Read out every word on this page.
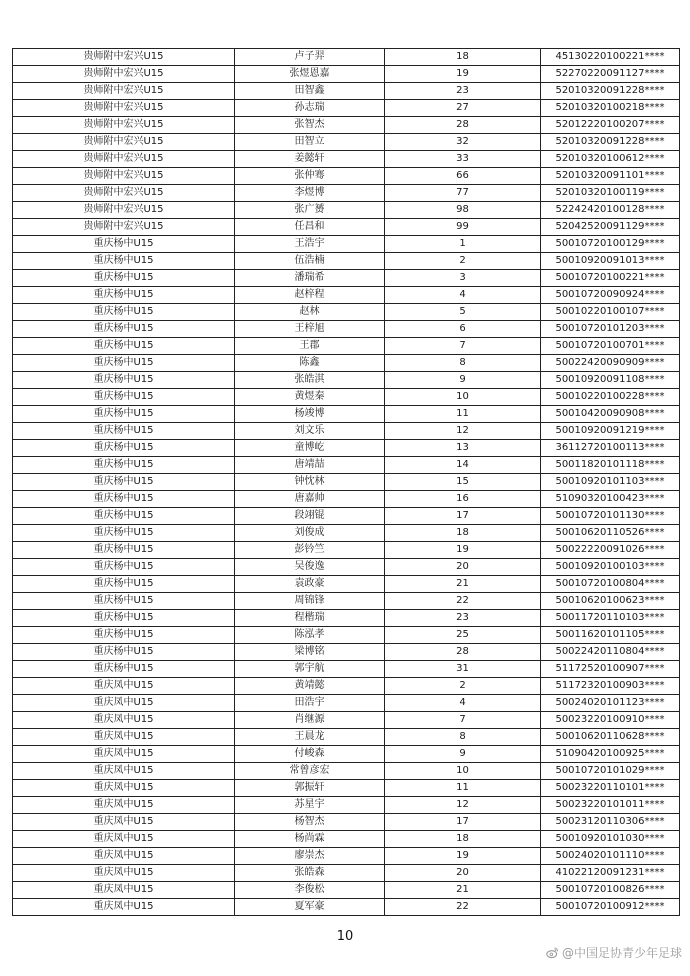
贵师附中宏兴U15	卢子羿	18	45130220100221****
贵师附中宏兴U15	张煜恩嘉	19	52270220091127****
贵师附中宏兴U15	田智鑫	23	52010320091228****
贵师附中宏兴U15	孙志瑞	27	52010320100218****
贵师附中宏兴U15	张智杰	28	52012220100207****
贵师附中宏兴U15	田智立	32	52010320091228****
贵师附中宏兴U15	姜懿轩	33	52010320100612****
贵师附中宏兴U15	张仲骞	66	52010320091101****
贵师附中宏兴U15	李煜博	77	52010320100119****
贵师附中宏兴U15	张广赟	98	52242420100128****
贵师附中宏兴U15	任昌和	99	52042520091129****
重庆杨中U15	王浩宇	1	50010720100129****
重庆杨中U15	伍浩楠	2	50010920091013****
重庆杨中U15	潘瑞希	3	50010720100221****
重庆杨中U15	赵梓程	4	50010720090924****
重庆杨中U15	赵林	5	50010220100107****
重庆杨中U15	王梓旭	6	50010720101203****
重庆杨中U15	王郡	7	50010720100701****
重庆杨中U15	陈鑫	8	50022420090909****
重庆杨中U15	张皓淇	9	50010920091108****
重庆杨中U15	黄煜秦	10	50010220100228****
重庆杨中U15	杨竣博	11	50010420090908****
重庆杨中U15	刘文乐	12	50010920091219****
重庆杨中U15	童博屹	13	36112720100113****
重庆杨中U15	唐靖喆	14	50011820101118****
重庆杨中U15	钟忱林	15	50010920101103****
重庆杨中U15	唐嘉帅	16	51090320100423****
重庆杨中U15	段翊锟	17	50010720101130****
重庆杨中U15	刘俊成	18	50010620110526****
重庆杨中U15	彭钤竺	19	50022220091026****
重庆杨中U15	吴俊逸	20	50010920100103****
重庆杨中U15	袁政豪	21	50010720100804****
重庆杨中U15	周锦锋	22	50010620100623****
重庆杨中U15	程楷瑞	23	50011720110103****
重庆杨中U15	陈泓孝	25	50011620101105****
重庆杨中U15	梁博铭	28	50022420110804****
重庆杨中U15	郭宇航	31	51172520100907****
重庆凤中U15	黄靖懿	2	51172320100903****
重庆凤中U15	田浩宇	4	50024020101123****
重庆凤中U15	肖继源	7	50023220100910****
重庆凤中U15	王晨龙	8	50010620110628****
重庆凤中U15	付峻森	9	51090420100925****
重庆凤中U15	常曾彦宏	10	50010720101029****
重庆凤中U15	郭振轩	11	50023220110101****
重庆凤中U15	苏星宇	12	50023220101011****
重庆凤中U15	杨智杰	17	50023120110306****
重庆凤中U15	杨尚霖	18	50010920101030****
重庆凤中U15	廖崇杰	19	50024020101110****
重庆凤中U15	张皓森	20	41022120091231****
重庆凤中U15	李俊松	21	50010720100826****
重庆凤中U15	夏军豪	22	50010720100912****
10
@中国足协青少年足球
